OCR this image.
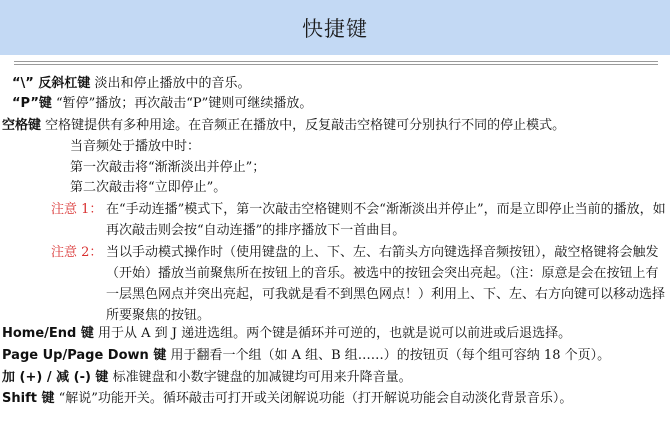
快捷键
“\” 反斜杠键 淡出和停止播放中的音乐。
“P”键 “暂停”播放；再次敲击“P”键则可继续播放。
空格键 空格键提供有多种用途。在音频正在播放中，反复敲击空格键可分别执行不同的停止模式。
当音频处于播放中时：
第一次敲击将“渐渐淡出并停止”；
第二次敲击将“立即停止”。
注意 1： 在“手动连播”模式下，第一次敲击空格键则不会“渐渐淡出并停止”，而是立即停止当前的播放，如再次敲击则会按“自动连播”的排序播放下一首曲目。
注意 2： 当以手动模式操作时（使用键盘的上、下、左、右箭头方向键选择音频按钮），敲空格键将会触发（开始）播放当前聚焦所在按钮上的音乐。被选中的按钮会突出亮起。（注：原意是会在按钮上有一层黑色网点并突出亮起，可我就是看不到黑色网点！）利用上、下、左、右方向键可以移动选择所要聚焦的按钮。
Home/End 键 用于从 A 到 J 递进选组。两个键是循环并可逆的，也就是说可以前进或后退选择。
Page Up/Page Down 键 用于翻看一个组（如 A 组、B 组……）的按钮页（每个组可容纳 18 个页）。
加 (+) / 减 (-) 键 标准键盘和小数字键盘的加减键均可用来升降音量。
Shift 键 “解说”功能开关。循环敲击可打开或关闭解说功能（打开解说功能会自动淡化背景音乐）。
